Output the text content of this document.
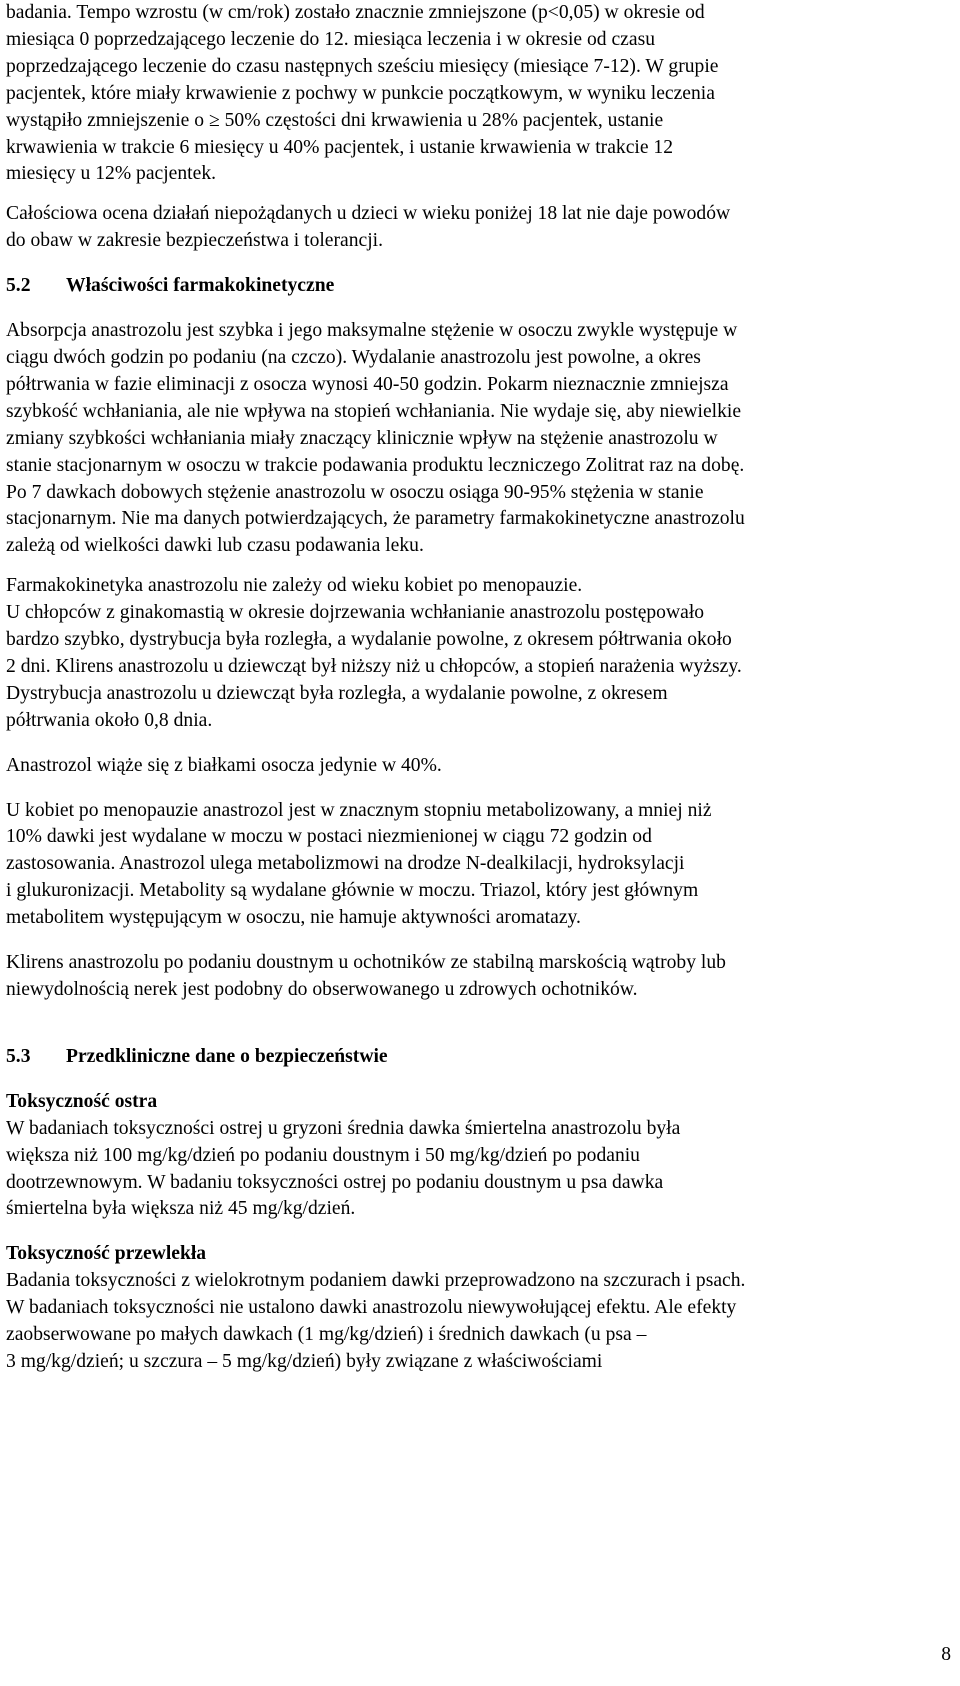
badania. Tempo wzrostu (w cm/rok) zostało znacznie zmniejszone (p<0,05) w okresie od
miesiąca 0 poprzedzającego leczenie do 12. miesiąca leczenia i w okresie od czasu
poprzedzającego leczenie do czasu następnych sześciu miesięcy (miesiące 7-12). W grupie
pacjentek, które miały krwawienie z pochwy w punkcie początkowym, w wyniku leczenia
wystąpiło zmniejszenie o ≥ 50% częstości dni krwawienia u 28% pacjentek, ustanie
krwawienia w trakcie 6 miesięcy u 40% pacjentek, i ustanie krwawienia w trakcie 12
miesięcy u 12% pacjentek.

Całościowa ocena działań niepożądanych u dzieci w wieku poniżej 18 lat nie daje powodów
do obaw w zakresie bezpieczeństwa i tolerancji.

5.2 Właściwości farmakokinetyczne

Absorpcja anastrozolu jest szybka i jego maksymalne stężenie w osoczu zwykle występuje w
ciągu dwóch godzin po podaniu (na czczo). Wydalanie anastrozolu jest powolne, a okres
półtrwania w fazie eliminacji z osocza wynosi 40-50 godzin. Pokarm nieznacznie zmniejsza
szybkość wchłaniania, ale nie wpływa na stopień wchłaniania. Nie wydaje się, aby niewielkie
zmiany szybkości wchłaniania miały znaczący klinicznie wpływ na stężenie anastrozolu w
stanie stacjonarnym w osoczu w trakcie podawania produktu leczniczego Zolitrat raz na dobę.
Po 7 dawkach dobowych stężenie anastrozolu w osoczu osiąga 90-95% stężenia w stanie
stacjonarnym. Nie ma danych potwierdzających, że parametry farmakokinetyczne anastrozolu
zależą od wielkości dawki lub czasu podawania leku.

Farmakokinetyka anastrozolu nie zależy od wieku kobiet po menopauzie.
U chłopców z ginakomastią w okresie dojrzewania wchłanianie anastrozolu postępowało
bardzo szybko, dystrybucja była rozległa, a wydalanie powolne, z okresem półtrwania około
2 dni. Klirens anastrozolu u dziewcząt był niższy niż u chłopców, a stopień narażenia wyższy.
Dystrybucja anastrozolu u dziewcząt była rozległa, a wydalanie powolne, z okresem
półtrwania około 0,8 dnia.

Anastrozol wiąże się z białkami osocza jedynie w 40%.

U kobiet po menopauzie anastrozol jest w znacznym stopniu metabolizowany, a mniej niż
10% dawki jest wydalane w moczu w postaci niezmienionej w ciągu 72 godzin od
zastosowania. Anastrozol ulega metabolizmowi na drodze N-dealkilacji, hydroksylacji
i glukuronizacji. Metabolity są wydalane głównie w moczu. Triazol, który jest głównym
metabolitem występującym w osoczu, nie hamuje aktywności aromatazy.

Klirens anastrozolu po podaniu doustnym u ochotników ze stabilną marskością wątroby lub
niewydolnością nerek jest podobny do obserwowanego u zdrowych ochotników.

5.3 Przedkliniczne dane o bezpieczeństwie

Toksyczność ostra

W badaniach toksyczności ostrej u gryzoni średnia dawka śmiertelna anastrozolu była
większa niż 100 mg/kg/dzień po podaniu doustnym i 50 mg/kg/dzień po podaniu
dootrzewnowym. W badaniu toksyczności ostrej po podaniu doustnym u psa dawka
śmiertelna była większa niż 45 mg/kg/dzień.

Toksyczność przewlekła

Badania toksyczności z wielokrotnym podaniem dawki przeprowadzono na szczurach i psach.
W badaniach toksyczności nie ustalono dawki anastrozolu niewywołującej efektu. Ale efekty
zaobserwowane po małych dawkach (1 mg/kg/dzień) i średnich dawkach (u psa –
3 mg/kg/dzień; u szczura – 5 mg/kg/dzień) były związane z właściwościami

8
